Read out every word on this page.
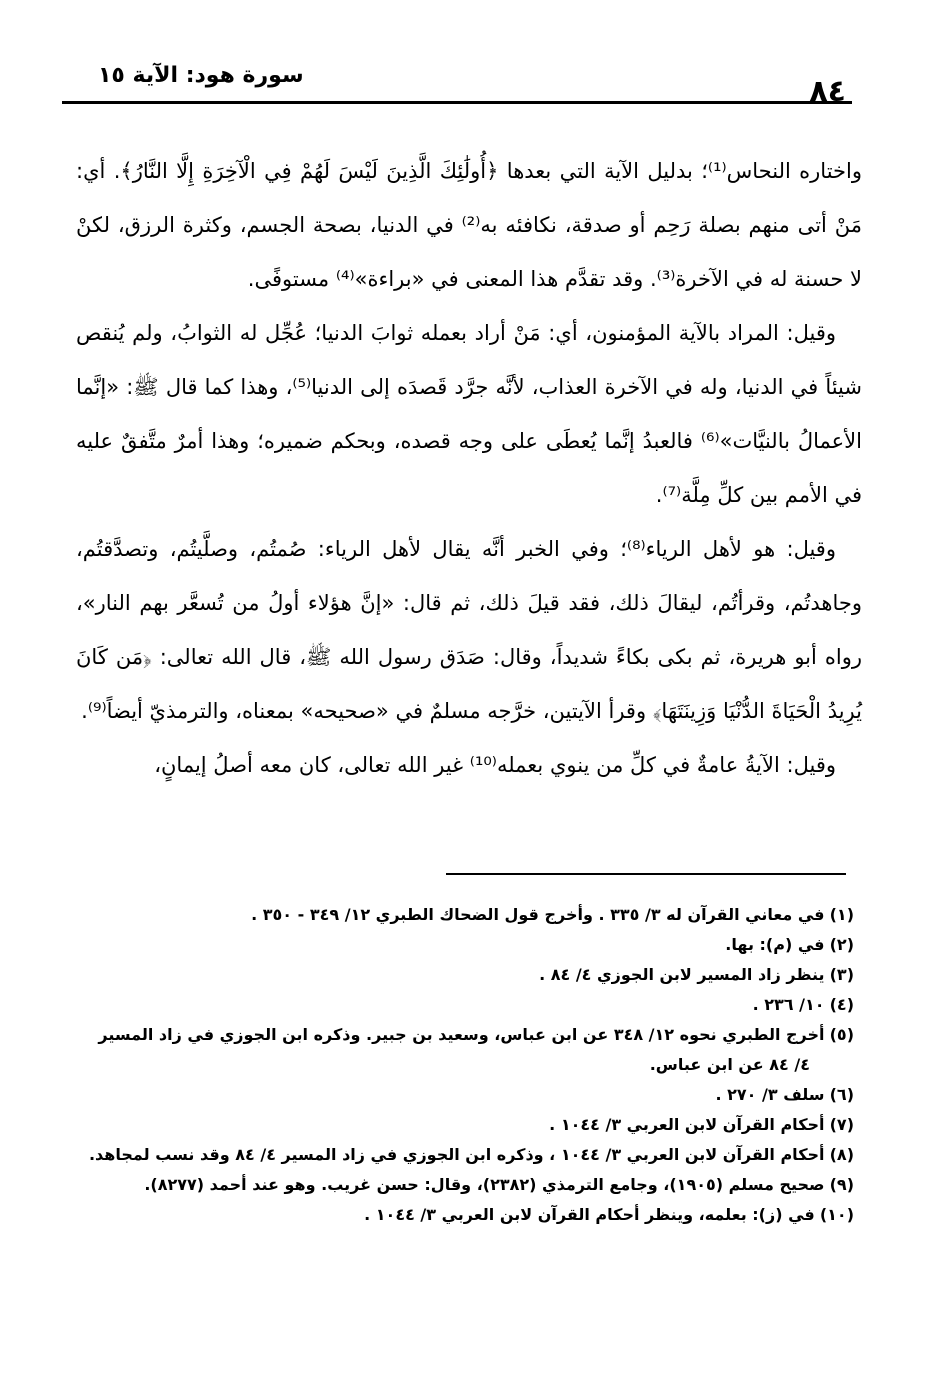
٨٤
سورة هود: الآية ١٥

واختاره النحاس⁽¹⁾؛ بدليل الآية التي بعدها ﴿أُولَٰئِكَ الَّذِينَ لَيْسَ لَهُمْ فِي الْآخِرَةِ إِلَّا النَّارُ﴾. أي: مَنْ أتى منهم بصلة رَحِم أو صدقة، نكافئه به⁽²⁾ في الدنيا، بصحة الجسم، وكثرة الرزق، لكنْ لا حسنة له في الآخرة⁽³⁾. وقد تقدَّم هذا المعنى في «براءة»⁽⁴⁾ مستوفًى.

وقيل: المراد بالآية المؤمنون، أي: مَنْ أراد بعمله ثوابَ الدنيا؛ عُجِّل له الثوابُ، ولم يُنقص شيئاً في الدنيا، وله في الآخرة العذاب، لأنَّه جرَّد قَصدَه إلى الدنيا⁽⁵⁾، وهذا كما قال ﷺ: «إنَّما الأعمالُ بالنيَّات»⁽⁶⁾ فالعبدُ إنَّما يُعطَى على وجه قصده، وبحكم ضميره؛ وهذا أمرٌ متَّفقٌ عليه في الأمم بين كلِّ مِلَّة⁽⁷⁾.

وقيل: هو لأهل الرياء⁽⁸⁾؛ وفي الخبر أنَّه يقال لأهل الرياء: صُمتُم، وصلَّيتُم، وتصدَّقتُم، وجاهدتُم، وقرأتُم، ليقالَ ذلك، فقد قيلَ ذلك، ثم قال: «إنَّ هؤلاء أولُ من تُسعَّر بهم النار»، رواه أبو هريرة، ثم بكى بكاءً شديداً، وقال: صَدَق رسول الله ﷺ، قال الله تعالى: ﴿مَن كَانَ يُرِيدُ الْحَيَاةَ الدُّنْيَا وَزِينَتَهَا﴾ وقرأ الآيتين، خرَّجه مسلمٌ في «صحيحه» بمعناه، والترمذيّ أيضاً⁽⁹⁾.

وقيل: الآيةُ عامةٌ في كلِّ من ينوي بعمله⁽¹⁰⁾ غير الله تعالى، كان معه أصلُ إيمانٍ،

(١) في معاني القرآن له ٣/ ٣٣٥ . وأخرج قول الضحاك الطبري ١٢/ ٣٤٩ - ٣٥٠ .

(٢) في (م): بها.

(٣) ينظر زاد المسير لابن الجوزي ٤/ ٨٤ .

(٤) ١٠/ ٢٣٦ .

(٥) أخرج الطبري نحوه ١٢/ ٣٤٨ عن ابن عباس، وسعيد بن جبير. وذكره ابن الجوزي في زاد المسير

٤/ ٨٤ عن ابن عباس.

(٦) سلف ٣/ ٢٧٠ .

(٧) أحكام القرآن لابن العربي ٣/ ١٠٤٤ .

(٨) أحكام القرآن لابن العربي ٣/ ١٠٤٤ ، وذكره ابن الجوزي في زاد المسير ٤/ ٨٤ وقد نسب لمجاهد.

(٩) صحيح مسلم (١٩٠٥)، وجامع الترمذي (٢٣٨٢)، وقال: حسن غريب. وهو عند أحمد (٨٢٧٧).

(١٠) في (ز): بعلمه، وينظر أحكام القرآن لابن العربي ٣/ ١٠٤٤ .
